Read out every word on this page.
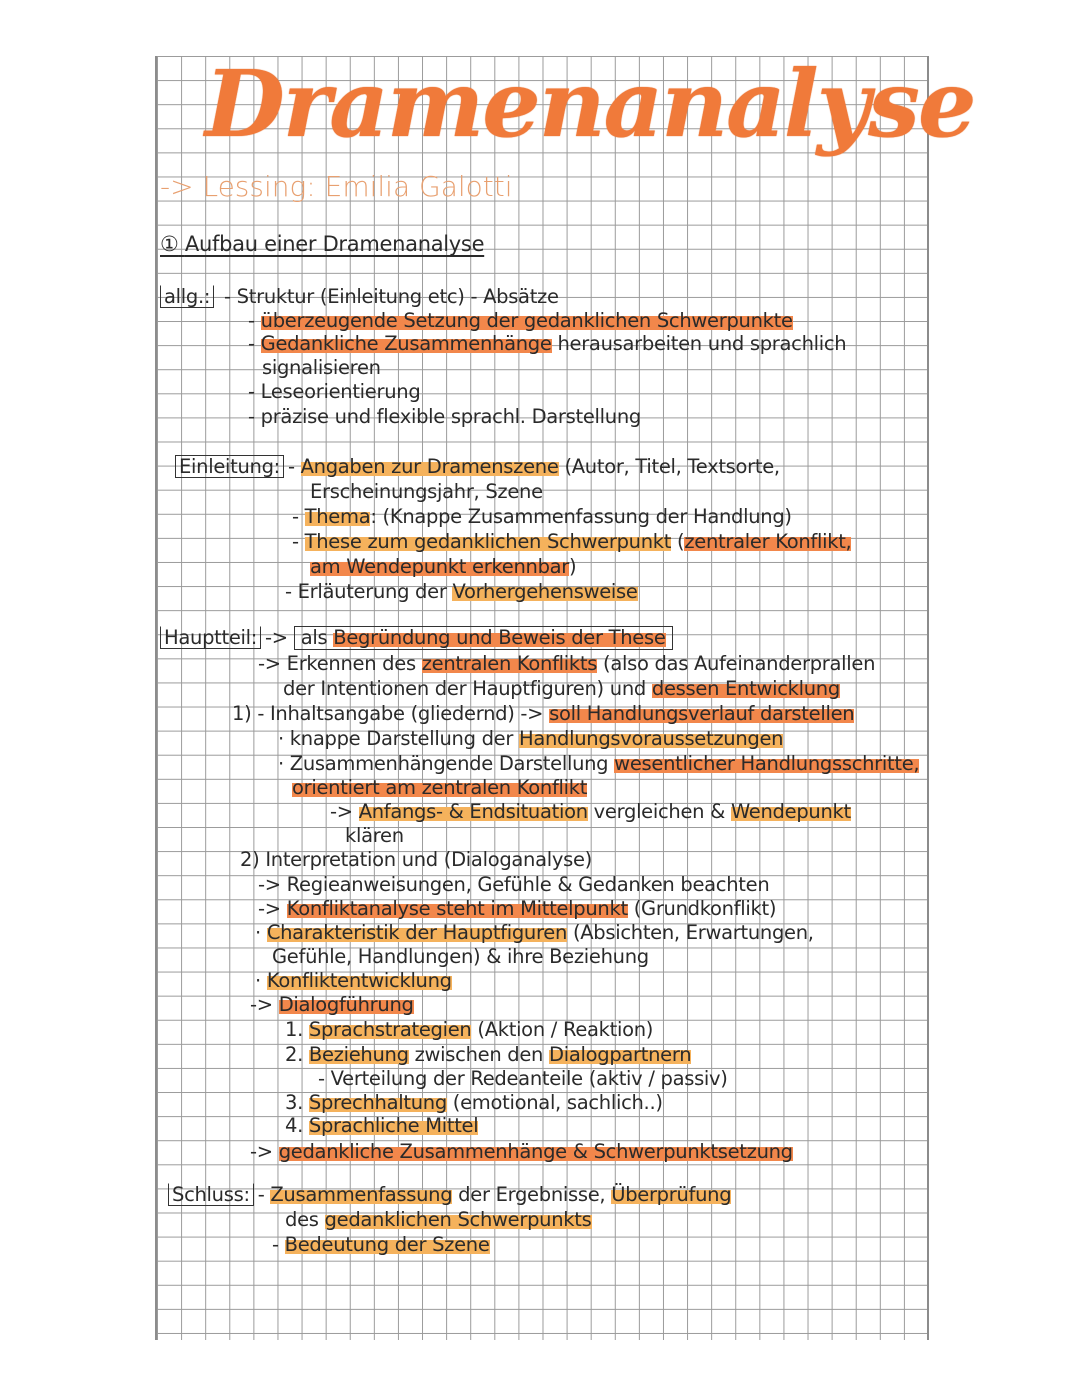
Dramenanalyse
-> Lessing: Emilia Galotti
① Aufbau einer Dramenanalyse
allg.: - Struktur (Einleitung etc) - Absätze
- überzeugende Setzung der gedanklichen Schwerpunkte
- Gedankliche Zusammenhänge herausarbeiten und sprachlich
signalisieren
- Leseorientierung
- präzise und flexible sprachl. Darstellung
Einleitung: - Angaben zur Dramenszene (Autor, Titel, Textsorte,
Erscheinungsjahr, Szene
- Thema: (Knappe Zusammenfassung der Handlung)
- These zum gedanklichen Schwerpunkt (zentraler Konflikt,
am Wendepunkt erkennbar)
- Erläuterung der Vorhergehensweise
Hauptteil: -> als Begründung und Beweis der These
-> Erkennen des zentralen Konflikts (also das Aufeinanderprallen
der Intentionen der Hauptfiguren) und dessen Entwicklung
1) - Inhaltsangabe (gliedernd) -> soll Handlungsverlauf darstellen
· knappe Darstellung der Handlungsvoraussetzungen
· Zusammenhängende Darstellung wesentlicher Handlungsschritte,
orientiert am zentralen Konflikt
-> Anfangs- & Endsituation vergleichen & Wendepunkt
klären
2) Interpretation und (Dialoganalyse)
-> Regieanweisungen, Gefühle & Gedanken beachten
-> Konfliktanalyse steht im Mittelpunkt (Grundkonflikt)
· Charakteristik der Hauptfiguren (Absichten, Erwartungen,
Gefühle, Handlungen) & ihre Beziehung
· Konfliktentwicklung
-> Dialogführung
1. Sprachstrategien (Aktion / Reaktion)
2. Beziehung zwischen den Dialogpartnern
- Verteilung der Redeanteile (aktiv / passiv)
3. Sprechhaltung (emotional, sachlich..)
4. Sprachliche Mittel
-> gedankliche Zusammenhänge & Schwerpunktsetzung
Schluss: - Zusammenfassung der Ergebnisse, Überprüfung
des gedanklichen Schwerpunkts
- Bedeutung der Szene
